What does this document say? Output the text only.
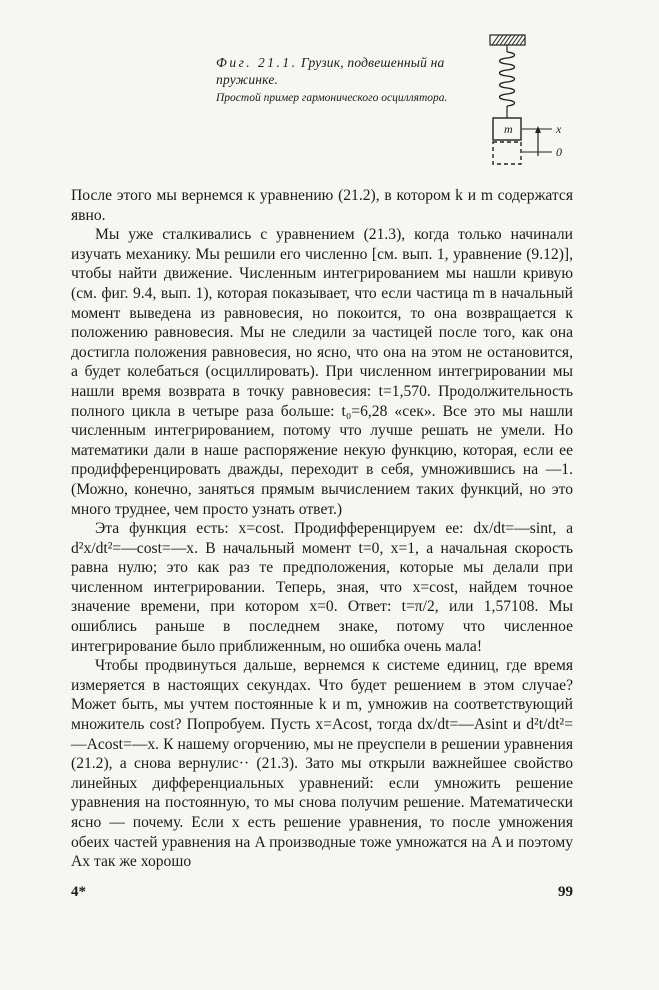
Фиг. 21.1. Грузик, подвешенный на пружинке.
Простой пример гармонического осциллятора.
m	x
0

После этого мы вернемся к уравнению (21.2), в котором k и m содержатся явно.

Мы уже сталкивались с уравнением (21.3), когда только начинали изучать механику. Мы решили его численно [см. вып. 1, уравнение (9.12)], чтобы найти движение. Численным интегрированием мы нашли кривую (см. фиг. 9.4, вып. 1), которая показывает, что если частица m в начальный момент выведена из равновесия, но покоится, то она возвращается к положению равновесия. Мы не следили за частицей после того, как она достигла положения равновесия, но ясно, что она на этом не остановится, а будет колебаться (осциллировать). При численном интегрировании мы нашли время возврата в точку равновесия: t=1,570. Продолжительность полного цикла в четыре раза больше: t₀=6,28 «сек». Все это мы нашли численным интегрированием, потому что лучше решать не умели. Но математики дали в наше распоряжение некую функцию, которая, если ее продифференцировать дважды, переходит в себя, умножившись на —1. (Можно, конечно, заняться прямым вычислением таких функций, но это много труднее, чем просто узнать ответ.)

Эта функция есть: x=cost. Продифференцируем ее: dx/dt=—sint, а d²x/dt²=—cost=—x. В начальный момент t=0, x=1, а начальная скорость равна нулю; это как раз те предположения, которые мы делали при численном интегрировании. Теперь, зная, что x=cost, найдем точное значение времени, при котором x=0. Ответ: t=π/2, или 1,57108. Мы ошиблись раньше в последнем знаке, потому что численное интегрирование было приближенным, но ошибка очень мала!

Чтобы продвинуться дальше, вернемся к системе единиц, где время измеряется в настоящих секундах. Что будет решением в этом случае? Может быть, мы учтем постоянные k и m, умножив на соответствующий множитель cost? Попробуем. Пусть x=Acost, тогда dx/dt=—Asint и d²t/dt²=—Acost=—x. К нашему огорчению, мы не преуспели в решении уравнения (21.2), а снова вернулис·· (21.3). Зато мы открыли важнейшее свойство линейных дифференциальных уравнений: если умножить решение уравнения на постоянную, то мы снова получим решение. Математически ясно — почему. Если x есть решение уравнения, то после умножения обеих частей уравнения на A производные тоже умножатся на A и поэтому Ax так же хорошо

4*	99
